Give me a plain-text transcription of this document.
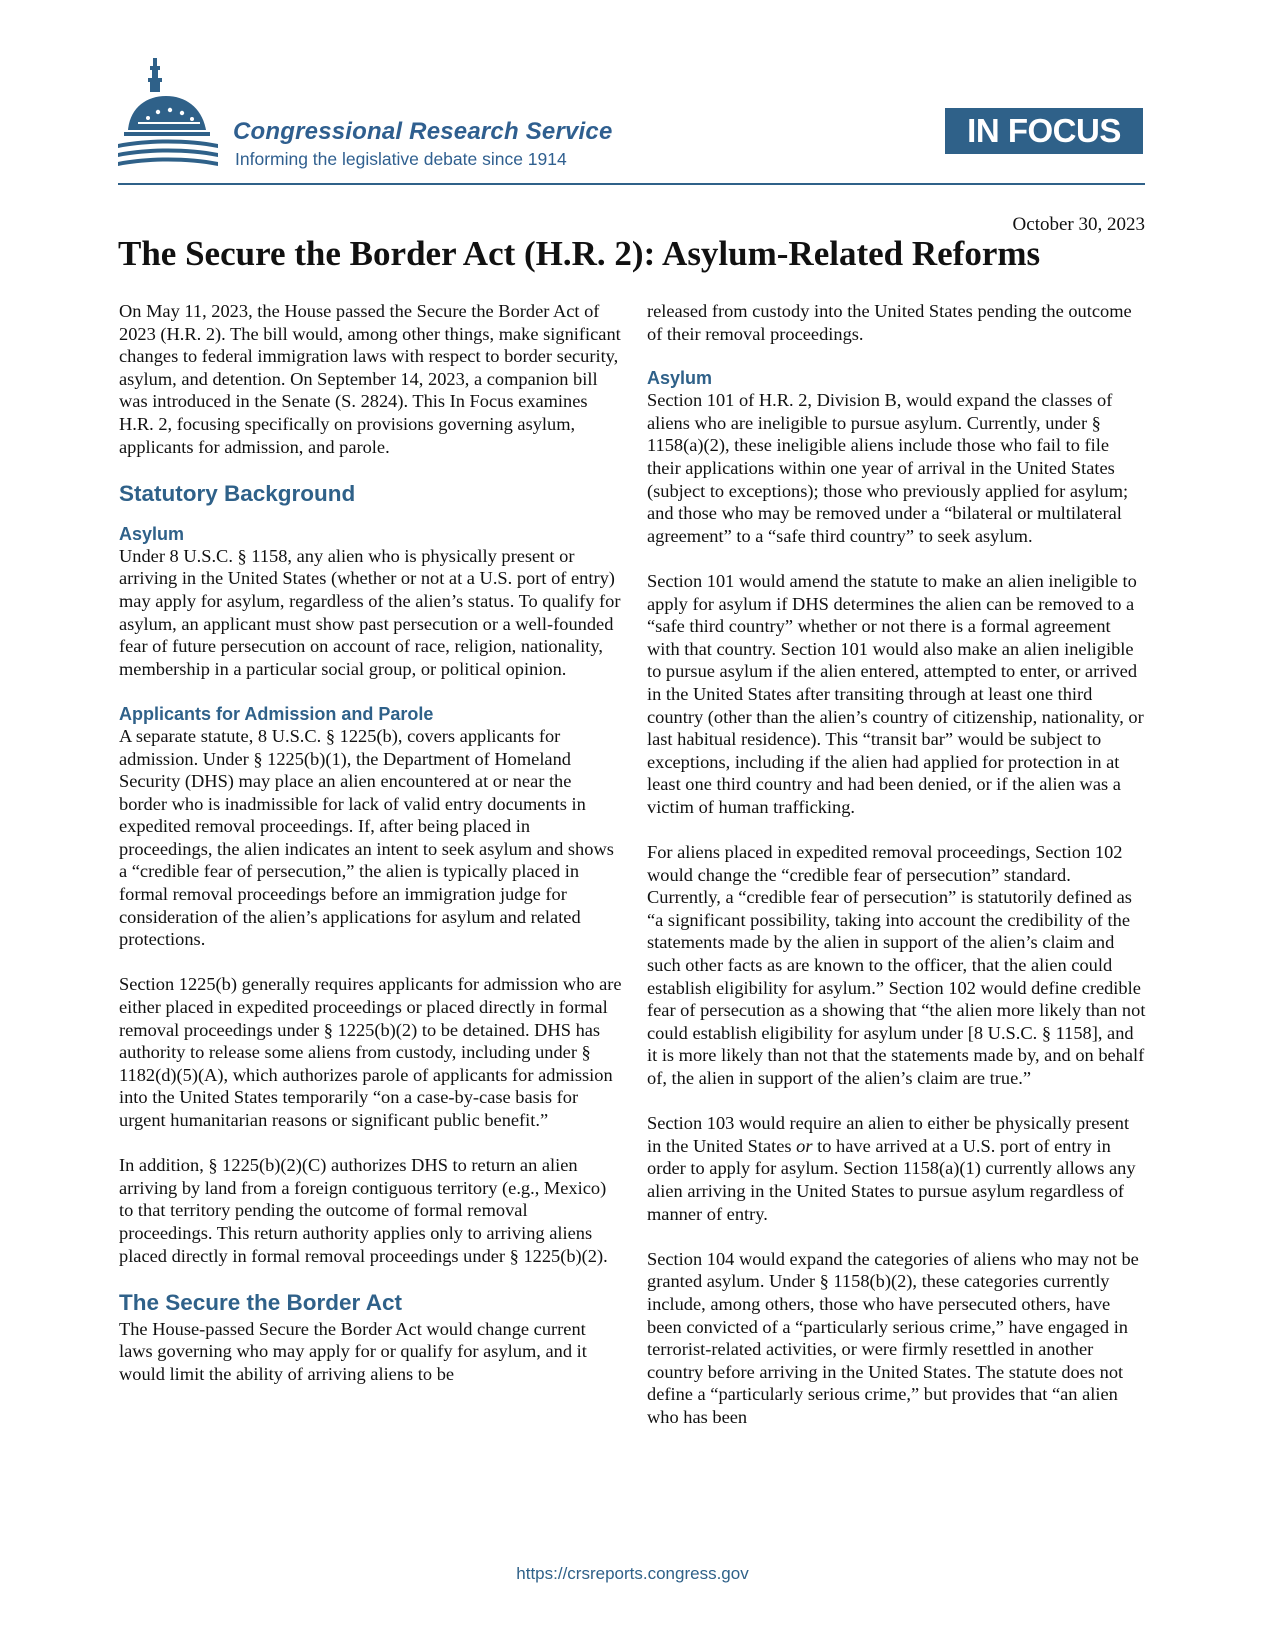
Congressional Research Service
Informing the legislative debate since 1914
IN FOCUS
October 30, 2023
The Secure the Border Act (H.R. 2): Asylum-Related Reforms

On May 11, 2023, the House passed the Secure the Border Act of 2023 (H.R. 2). The bill would, among other things, make significant changes to federal immigration laws with respect to border security, asylum, and detention. On September 14, 2023, a companion bill was introduced in the Senate (S. 2824). This In Focus examines H.R. 2, focusing specifically on provisions governing asylum, applicants for admission, and parole.

Statutory Background
Asylum

Under 8 U.S.C. § 1158, any alien who is physically present or arriving in the United States (whether or not at a U.S. port of entry) may apply for asylum, regardless of the alien’s status. To qualify for asylum, an applicant must show past persecution or a well-founded fear of future persecution on account of race, religion, nationality, membership in a particular social group, or political opinion.

Applicants for Admission and Parole

A separate statute, 8 U.S.C. § 1225(b), covers applicants for admission. Under § 1225(b)(1), the Department of Homeland Security (DHS) may place an alien encountered at or near the border who is inadmissible for lack of valid entry documents in expedited removal proceedings. If, after being placed in proceedings, the alien indicates an intent to seek asylum and shows a “credible fear of persecution,” the alien is typically placed in formal removal proceedings before an immigration judge for consideration of the alien’s applications for asylum and related protections.

Section 1225(b) generally requires applicants for admission who are either placed in expedited proceedings or placed directly in formal removal proceedings under § 1225(b)(2) to be detained. DHS has authority to release some aliens from custody, including under § 1182(d)(5)(A), which authorizes parole of applicants for admission into the United States temporarily “on a case-by-case basis for urgent humanitarian reasons or significant public benefit.”

In addition, § 1225(b)(2)(C) authorizes DHS to return an alien arriving by land from a foreign contiguous territory (e.g., Mexico) to that territory pending the outcome of formal removal proceedings. This return authority applies only to arriving aliens placed directly in formal removal proceedings under § 1225(b)(2).

The Secure the Border Act

The House-passed Secure the Border Act would change current laws governing who may apply for or qualify for asylum, and it would limit the ability of arriving aliens to be

released from custody into the United States pending the outcome of their removal proceedings.

Asylum

Section 101 of H.R. 2, Division B, would expand the classes of aliens who are ineligible to pursue asylum. Currently, under § 1158(a)(2), these ineligible aliens include those who fail to file their applications within one year of arrival in the United States (subject to exceptions); those who previously applied for asylum; and those who may be removed under a “bilateral or multilateral agreement” to a “safe third country” to seek asylum.

Section 101 would amend the statute to make an alien ineligible to apply for asylum if DHS determines the alien can be removed to a “safe third country” whether or not there is a formal agreement with that country. Section 101 would also make an alien ineligible to pursue asylum if the alien entered, attempted to enter, or arrived in the United States after transiting through at least one third country (other than the alien’s country of citizenship, nationality, or last habitual residence). This “transit bar” would be subject to exceptions, including if the alien had applied for protection in at least one third country and had been denied, or if the alien was a victim of human trafficking.

For aliens placed in expedited removal proceedings, Section 102 would change the “credible fear of persecution” standard. Currently, a “credible fear of persecution” is statutorily defined as “a significant possibility, taking into account the credibility of the statements made by the alien in support of the alien’s claim and such other facts as are known to the officer, that the alien could establish eligibility for asylum.” Section 102 would define credible fear of persecution as a showing that “the alien more likely than not could establish eligibility for asylum under [8 U.S.C. § 1158], and it is more likely than not that the statements made by, and on behalf of, the alien in support of the alien’s claim are true.”

Section 103 would require an alien to either be physically present in the United States or to have arrived at a U.S. port of entry in order to apply for asylum. Section 1158(a)(1) currently allows any alien arriving in the United States to pursue asylum regardless of manner of entry.

Section 104 would expand the categories of aliens who may not be granted asylum. Under § 1158(b)(2), these categories currently include, among others, those who have persecuted others, have been convicted of a “particularly serious crime,” have engaged in terrorist-related activities, or were firmly resettled in another country before arriving in the United States. The statute does not define a “particularly serious crime,” but provides that “an alien who has been

https://crsreports.congress.gov
